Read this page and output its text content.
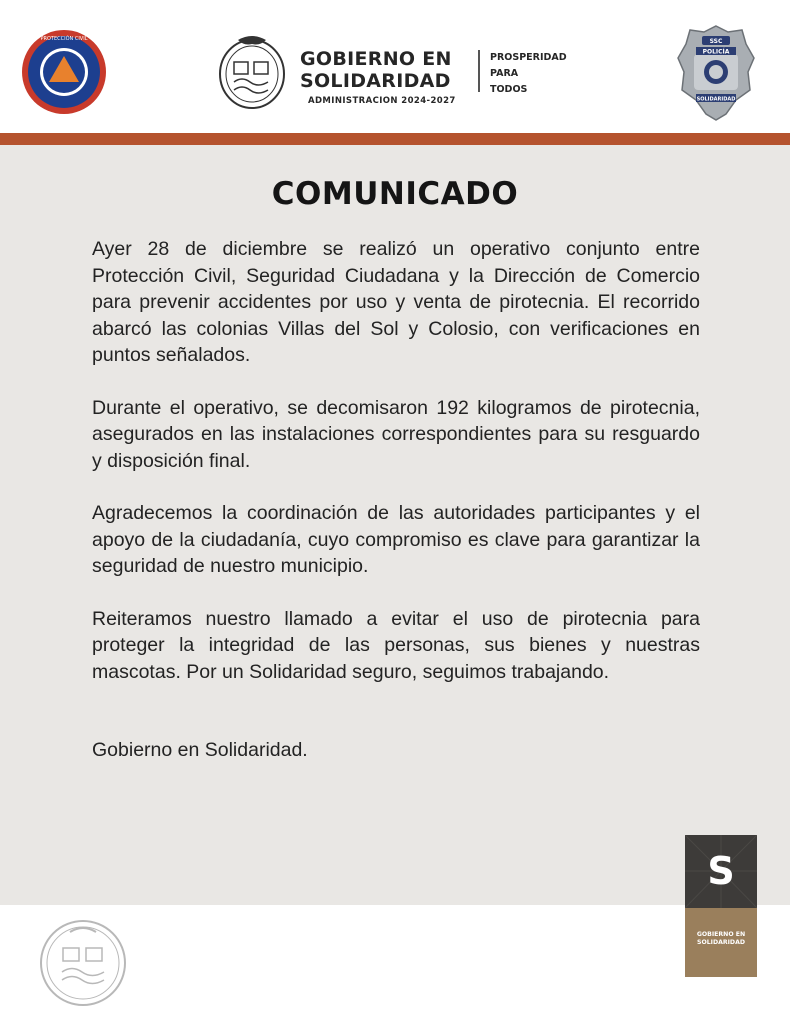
PROTECCIÓN CIVIL
GOBIERNO EN
SOLIDARIDAD
ADMINISTRACION 2024-2027
PROSPERIDAD
PARA
TODOS
SSC
POLICÍA
SOLIDARIDAD
COMUNICADO

Ayer 28 de diciembre se realizó un operativo conjunto entre Protección Civil, Seguridad Ciudadana y la Dirección de Comercio para prevenir accidentes por uso y venta de pirotecnia. El recorrido abarcó las colonias Villas del Sol y Colosio, con verificaciones en puntos señalados.

Durante el operativo, se decomisaron 192 kilogramos de pirotecnia, asegurados en las instalaciones correspondientes para su resguardo y disposición final.

Agradecemos la coordinación de las autoridades participantes y el apoyo de la ciudadanía, cuyo compromiso es clave para garantizar la seguridad de nuestro municipio.

Reiteramos nuestro llamado a evitar el uso de pirotecnia para proteger la integridad de las personas, sus bienes y nuestras mascotas. Por un Solidaridad seguro, seguimos trabajando.

Gobierno en Solidaridad.

S
GOBIERNO EN
SOLIDARIDAD
